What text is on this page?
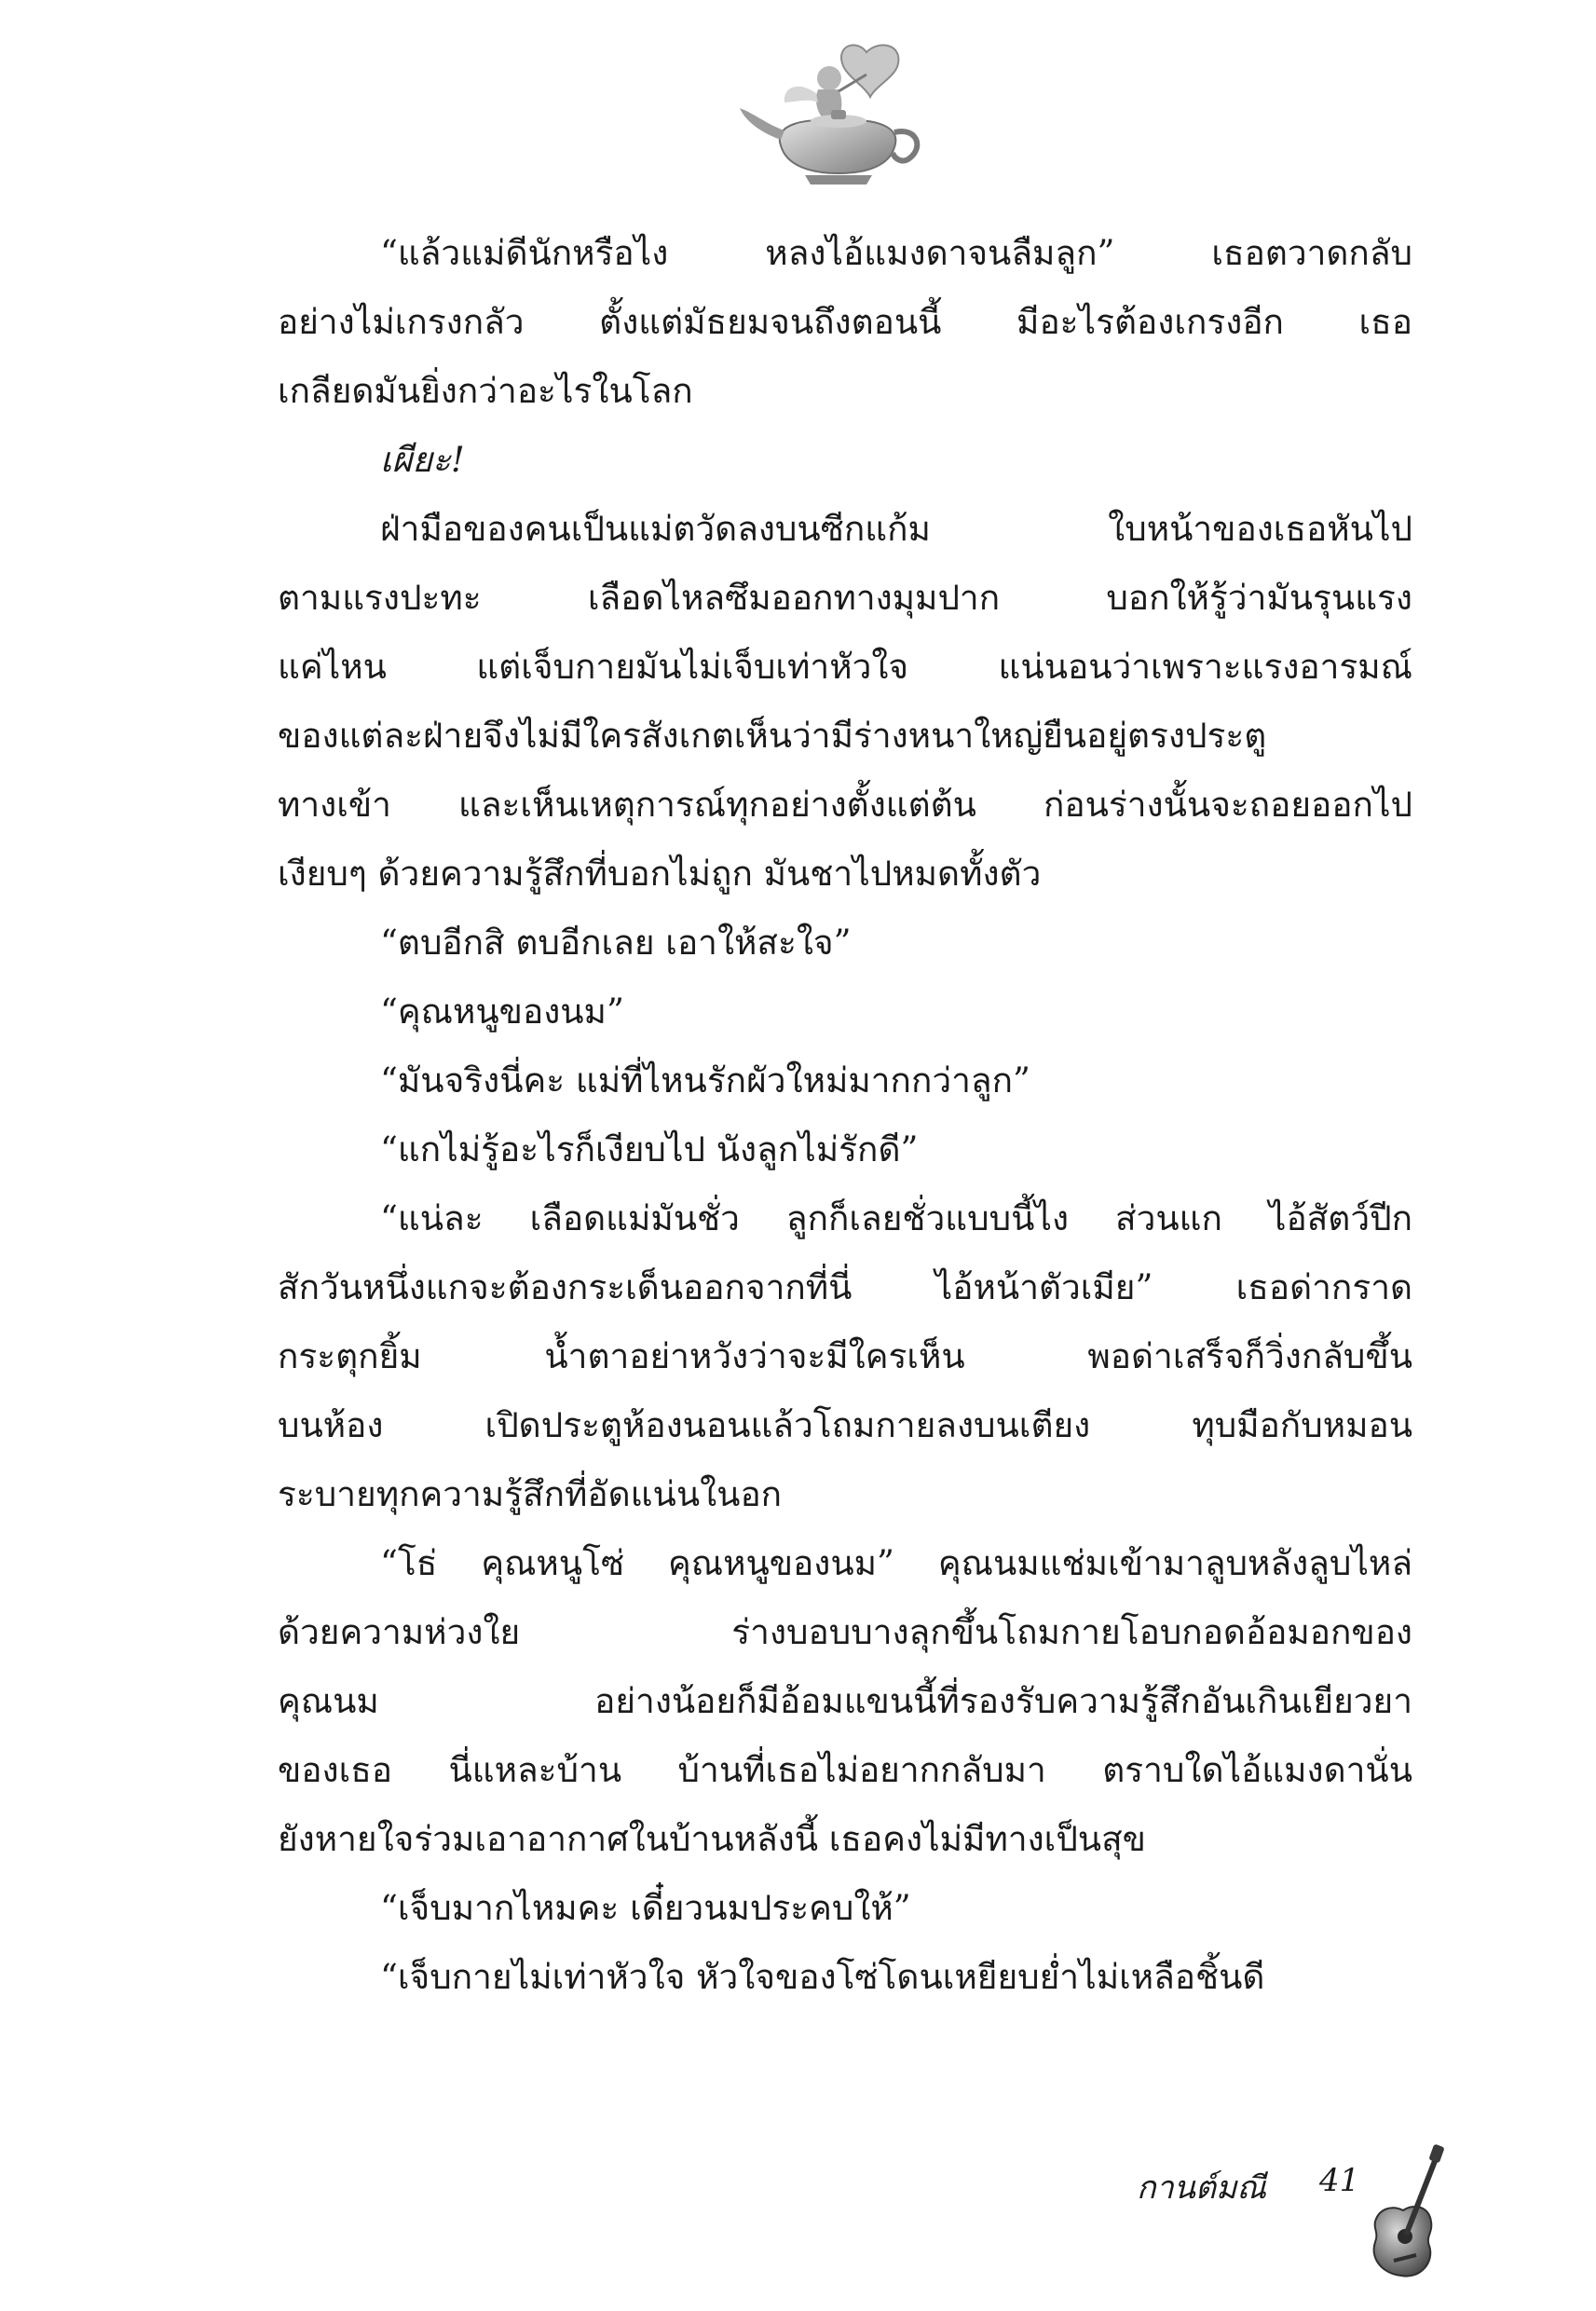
“แล้วแม่ดีนักหรือไง หลงไอ้แมงดาจนลืมลูก” เธอตวาดกลับ
อย่างไม่เกรงกลัว ตั้งแต่มัธยมจนถึงตอนนี้ มีอะไรต้องเกรงอีก เธอ
เกลียดมันยิ่งกว่าอะไรในโลก
เผียะ!
ฝ่ามือของคนเป็นแม่ตวัดลงบนซีกแก้ม ใบหน้าของเธอหันไป
ตามแรงปะทะ เลือดไหลซึมออกทางมุมปาก บอกให้รู้ว่ามันรุนแรง
แค่ไหน แต่เจ็บกายมันไม่เจ็บเท่าหัวใจ แน่นอนว่าเพราะแรงอารมณ์
ของแต่ละฝ่ายจึงไม่มีใครสังเกตเห็นว่ามีร่างหนาใหญ่ยืนอยู่ตรงประตู
ทางเข้า และเห็นเหตุการณ์ทุกอย่างตั้งแต่ต้น ก่อนร่างนั้นจะถอยออกไป
เงียบๆ ด้วยความรู้สึกที่บอกไม่ถูก มันชาไปหมดทั้งตัว
“ตบอีกสิ ตบอีกเลย เอาให้สะใจ”
“คุณหนูของนม”
“มันจริงนี่คะ แม่ที่ไหนรักผัวใหม่มากกว่าลูก”
“แกไม่รู้อะไรก็เงียบไป นังลูกไม่รักดี”
“แน่ละ เลือดแม่มันชั่ว ลูกก็เลยชั่วแบบนี้ไง ส่วนแก ไอ้สัตว์ปีก
สักวันหนึ่งแกจะต้องกระเด็นออกจากที่นี่ ไอ้หน้าตัวเมีย” เธอด่ากราด
กระตุกยิ้ม น้ำตาอย่าหวังว่าจะมีใครเห็น พอด่าเสร็จก็วิ่งกลับขึ้น
บนห้อง เปิดประตูห้องนอนแล้วโถมกายลงบนเตียง ทุบมือกับหมอน
ระบายทุกความรู้สึกที่อัดแน่นในอก
“โธ่ คุณหนูโซ่ คุณหนูของนม” คุณนมแช่มเข้ามาลูบหลังลูบไหล่
ด้วยความห่วงใย ร่างบอบบางลุกขึ้นโถมกายโอบกอดอ้อมอกของ
คุณนม อย่างน้อยก็มีอ้อมแขนนี้ที่รองรับความรู้สึกอันเกินเยียวยา
ของเธอ นี่แหละบ้าน บ้านที่เธอไม่อยากกลับมา ตราบใดไอ้แมงดานั่น
ยังหายใจร่วมเอาอากาศในบ้านหลังนี้ เธอคงไม่มีทางเป็นสุข
“เจ็บมากไหมคะ เดี๋ยวนมประคบให้”
“เจ็บกายไม่เท่าหัวใจ หัวใจของโซ่โดนเหยียบย่ำไม่เหลือชิ้นดี
กานต์มณี 41
